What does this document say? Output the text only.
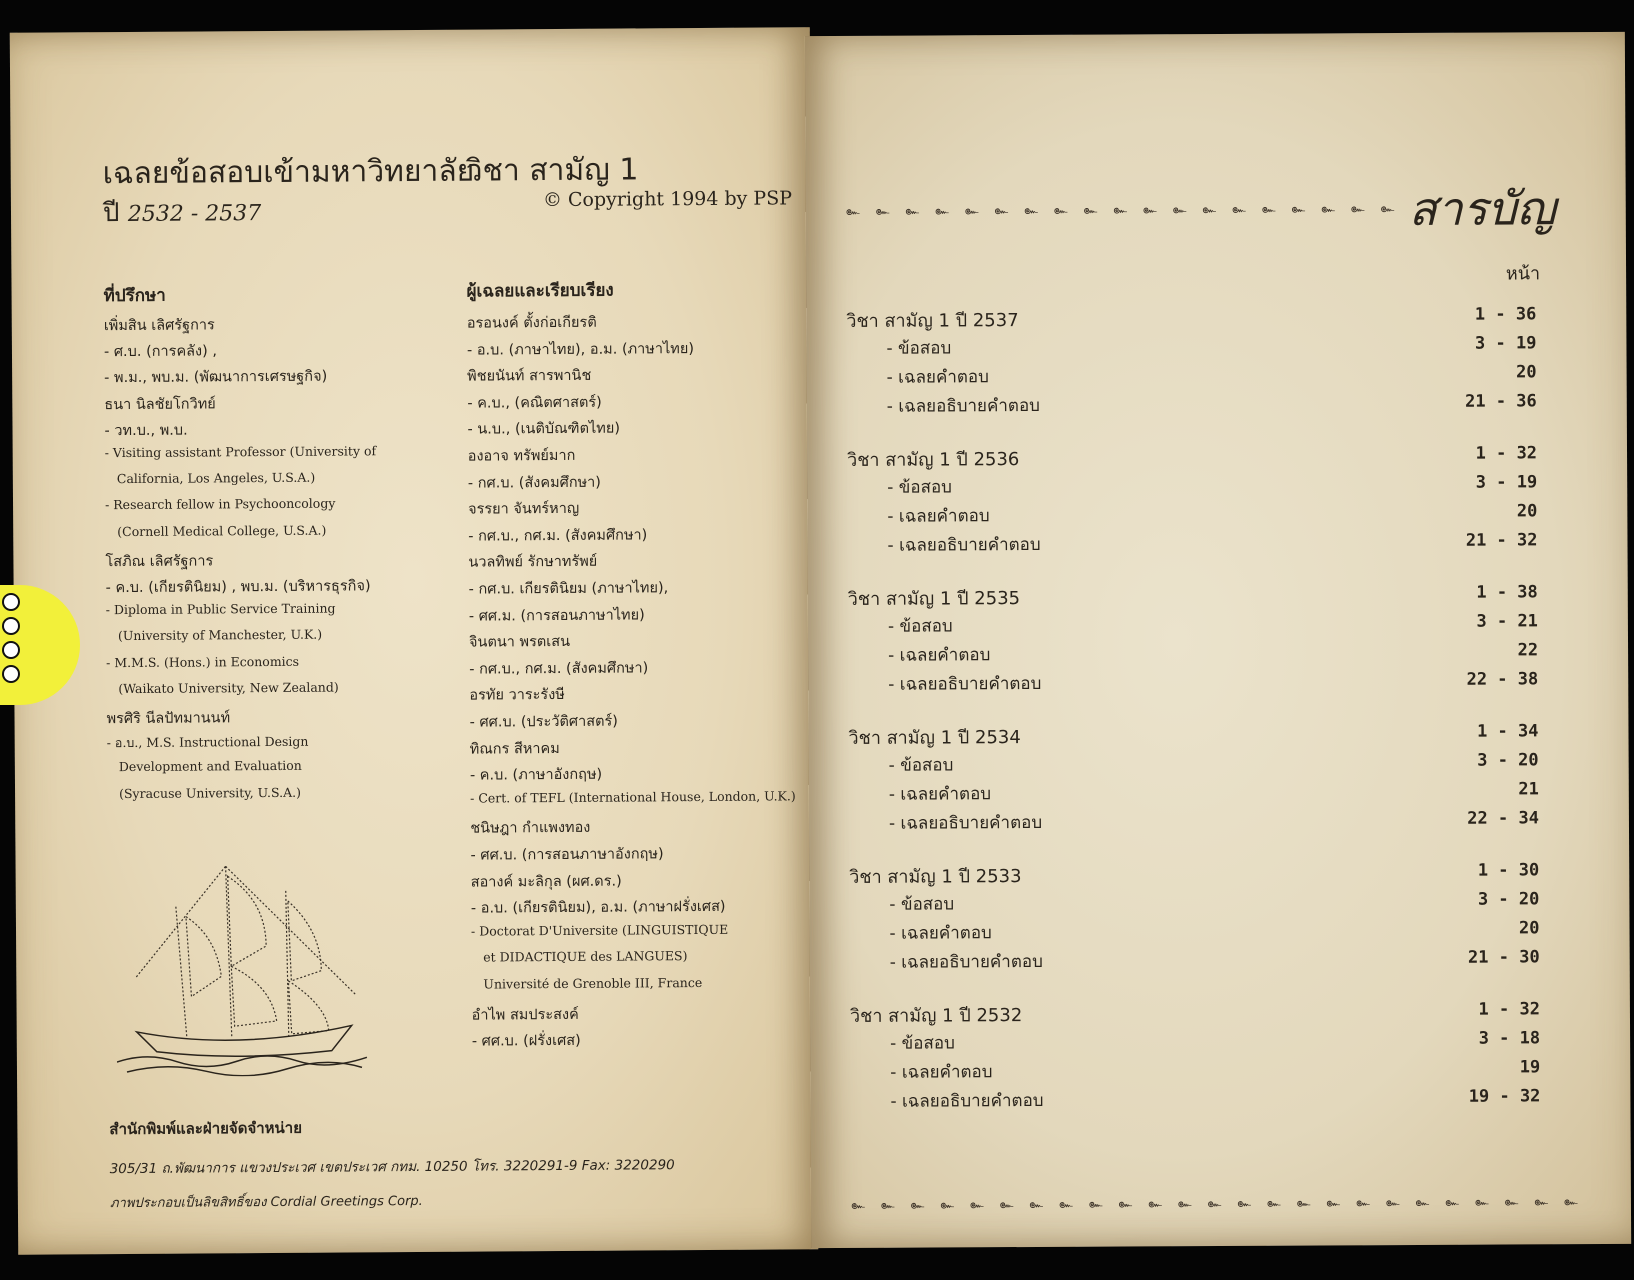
เฉลยข้อสอบเข้ามหาวิทยาลัย
ปี 2532 - 2537
วิชา สามัญ 1
© Copyright 1994 by PSP
ที่ปรึกษา
เพิ่มสิน เลิศรัฐการ
- ศ.บ. (การคลัง) ,
- พ.ม., พบ.ม. (พัฒนาการเศรษฐกิจ)
ธนา นิลชัยโกวิทย์
- วท.บ., พ.บ.
- Visiting assistant Professor (University of
California, Los Angeles, U.S.A.)
- Research fellow in Psychooncology
(Cornell Medical College, U.S.A.)
โสภิณ เลิศรัฐการ
- ค.บ. (เกียรตินิยม) , พบ.ม. (บริหารธุรกิจ)
- Diploma in Public Service Training
(University of Manchester, U.K.)
- M.M.S. (Hons.) in Economics
(Waikato University, New Zealand)
พรศิริ นีลปัทมานนท์
- อ.บ., M.S. Instructional Design
Development and Evaluation
(Syracuse University, U.S.A.)
ผู้เฉลยและเรียบเรียง
อรอนงค์ ตั้งก่อเกียรติ
- อ.บ. (ภาษาไทย), อ.ม. (ภาษาไทย)
พิชยนันท์ สารพานิช
- ค.บ., (คณิตศาสตร์)
- น.บ., (เนติบัณฑิตไทย)
องอาจ ทรัพย์มาก
- กศ.บ. (สังคมศึกษา)
จรรยา จันทร์หาญ
- กศ.บ., กศ.ม. (สังคมศึกษา)
นวลทิพย์ รักษาทรัพย์
- กศ.บ. เกียรตินิยม (ภาษาไทย),
- ศศ.ม. (การสอนภาษาไทย)
จินตนา พรตเสน
- กศ.บ., กศ.ม. (สังคมศึกษา)
อรทัย วาระรังษี
- ศศ.บ. (ประวัติศาสตร์)
ทิณกร สีหาคม
- ค.บ. (ภาษาอังกฤษ)
- Cert. of TEFL (International House, London, U.K.)
ชนิษฎา กำแพงทอง
- ศศ.บ. (การสอนภาษาอังกฤษ)
สอางค์ มะลิกุล (ผศ.ดร.)
- อ.บ. (เกียรตินิยม), อ.ม. (ภาษาฝรั่งเศส)
- Doctorat D'Universite (LINGUISTIQUE
et DIDACTIQUE des LANGUES)
Université de Grenoble III, France
อำไพ สมประสงค์
- ศศ.บ. (ฝรั่งเศส)
สำนักพิมพ์และฝ่ายจัดจำหน่าย
305/31 ถ.พัฒนาการ แขวงประเวศ เขตประเวศ กทม. 10250 โทร. 3220291-9 Fax: 3220290
ภาพประกอบเป็นลิขสิทธิ์ของ Cordial Greetings Corp.
๛ ๛ ๛ ๛ ๛ ๛ ๛ ๛ ๛ ๛ ๛ ๛ ๛ ๛ ๛ ๛ ๛ ๛ ๛ สารบัญ
หน้า
วิชา สามัญ 1 ปี 2537	1 - 36
- ข้อสอบ	3 - 19
- เฉลยคำตอบ	20
- เฉลยอธิบายคำตอบ	21 - 36
วิชา สามัญ 1 ปี 2536	1 - 32
- ข้อสอบ	3 - 19
- เฉลยคำตอบ	20
- เฉลยอธิบายคำตอบ	21 - 32
วิชา สามัญ 1 ปี 2535	1 - 38
- ข้อสอบ	3 - 21
- เฉลยคำตอบ	22
- เฉลยอธิบายคำตอบ	22 - 38
วิชา สามัญ 1 ปี 2534	1 - 34
- ข้อสอบ	3 - 20
- เฉลยคำตอบ	21
- เฉลยอธิบายคำตอบ	22 - 34
วิชา สามัญ 1 ปี 2533	1 - 30
- ข้อสอบ	3 - 20
- เฉลยคำตอบ	20
- เฉลยอธิบายคำตอบ	21 - 30
วิชา สามัญ 1 ปี 2532	1 - 32
- ข้อสอบ	3 - 18
- เฉลยคำตอบ	19
- เฉลยอธิบายคำตอบ	19 - 32
๛ ๛ ๛ ๛ ๛ ๛ ๛ ๛ ๛ ๛ ๛ ๛ ๛ ๛ ๛ ๛ ๛ ๛ ๛ ๛ ๛ ๛ ๛ ๛ ๛
